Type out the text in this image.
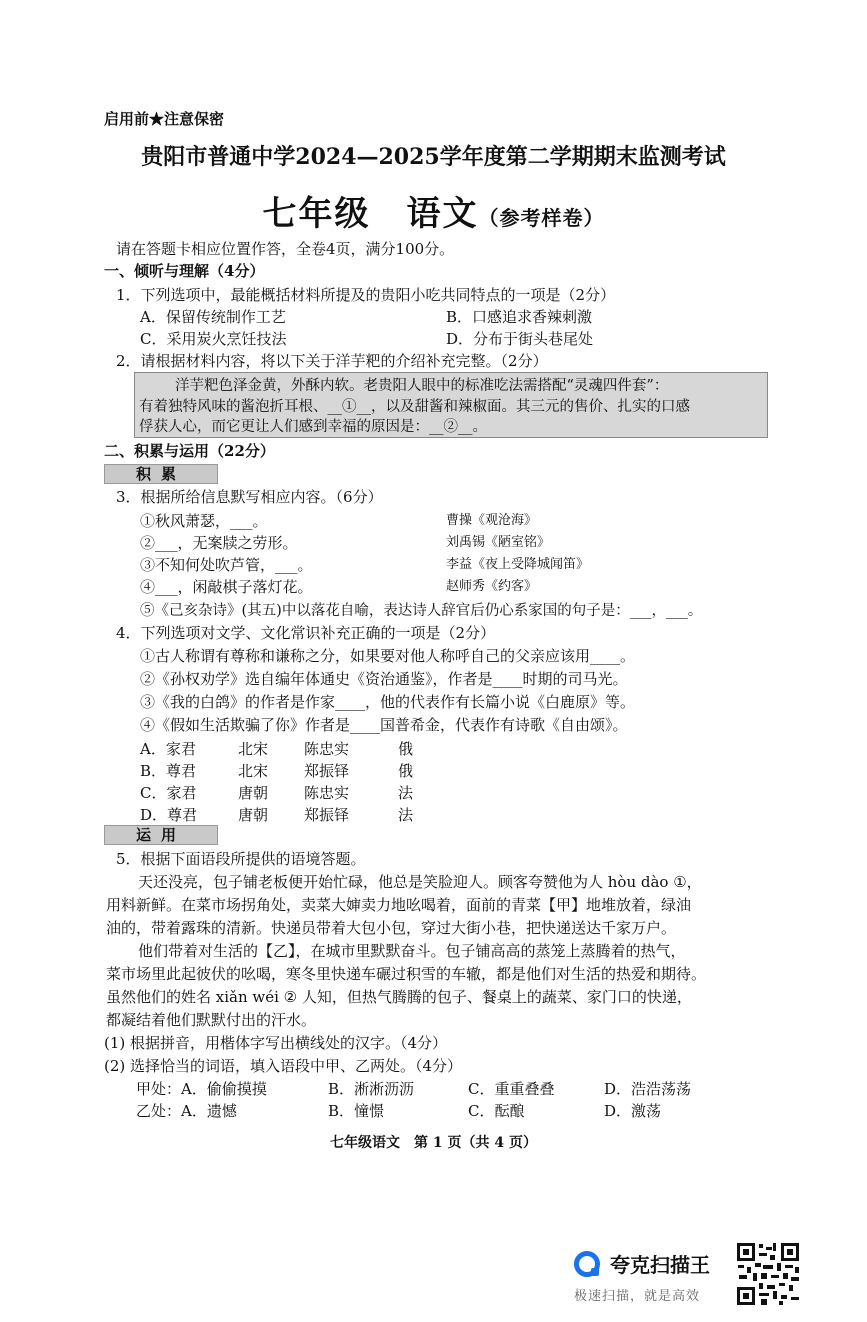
启用前★注意保密
贵阳市普通中学2024—2025学年度第二学期期末监测考试
七年级　语文（参考样卷）
请在答题卡相应位置作答，全卷4页，满分100分。
一、倾听与理解（4分）
1．下列选项中，最能概括材料所提及的贵阳小吃共同特点的一项是（2分）
A．保留传统制作工艺	B．口感追求香辣刺激
C．采用炭火烹饪技法	D．分布于街头巷尾处
2．请根据材料内容，将以下关于洋芋粑的介绍补充完整。（2分）
洋芋粑色泽金黄，外酥内软。老贵阳人眼中的标准吃法需搭配“灵魂四件套”：
有着独特风味的酱泡折耳根、__①__，以及甜酱和辣椒面。其三元的售价、扎实的口感
俘获人心，而它更让人们感到幸福的原因是：__②__。
二、积累与运用（22分）
积累
3．根据所给信息默写相应内容。（6分）
①秋风萧瑟，___。	曹操《观沧海》
②___，无案牍之劳形。	刘禹锡《陋室铭》
③不知何处吹芦管，___。	李益《夜上受降城闻笛》
④___，闲敲棋子落灯花。	赵师秀《约客》
⑤《己亥杂诗》(其五)中以落花自喻，表达诗人辞官后仍心系家国的句子是：___，___。
4．下列选项对文学、文化常识补充正确的一项是（2分）
①古人称谓有尊称和谦称之分，如果要对他人称呼自己的父亲应该用____。
②《孙权劝学》选自编年体通史《资治通鉴》，作者是____时期的司马光。
③《我的白鸽》的作者是作家____，他的代表作有长篇小说《白鹿原》等。
④《假如生活欺骗了你》作者是____国普希金，代表作有诗歌《自由颂》。
A．家君	北宋 陈忠实	俄
B．尊君	北宋 郑振铎	俄
C．家君	唐朝 陈忠实	法
D．尊君	唐朝 郑振铎	法
运用
5．根据下面语段所提供的语境答题。
天还没亮，包子铺老板便开始忙碌，他总是笑脸迎人。顾客夸赞他为人 hòu dào ①，
用料新鲜。在菜市场拐角处，卖菜大婶卖力地吆喝着，面前的青菜【甲】地堆放着，绿油
油的，带着露珠的清新。快递员带着大包小包，穿过大街小巷，把快递送达千家万户。
他们带着对生活的【乙】，在城市里默默奋斗。包子铺高高的蒸笼上蒸腾着的热气，
菜市场里此起彼伏的吆喝，寒冬里快递车碾过积雪的车辙，都是他们对生活的热爱和期待。
虽然他们的姓名 xiǎn wéi ② 人知，但热气腾腾的包子、餐桌上的蔬菜、家门口的快递，
都凝结着他们默默付出的汗水。
(1) 根据拼音，用楷体字写出横线处的汉字。（4分）
(2) 选择恰当的词语，填入语段中甲、乙两处。（4分）
甲处：A．偷偷摸摸	B．淅淅沥沥	C．重重叠叠	D．浩浩荡荡
乙处：A．遗憾	B．憧憬	C．酝酿	D．激荡
七年级语文　第 1 页（共 4 页）
夸克扫描王
极速扫描，就是高效
